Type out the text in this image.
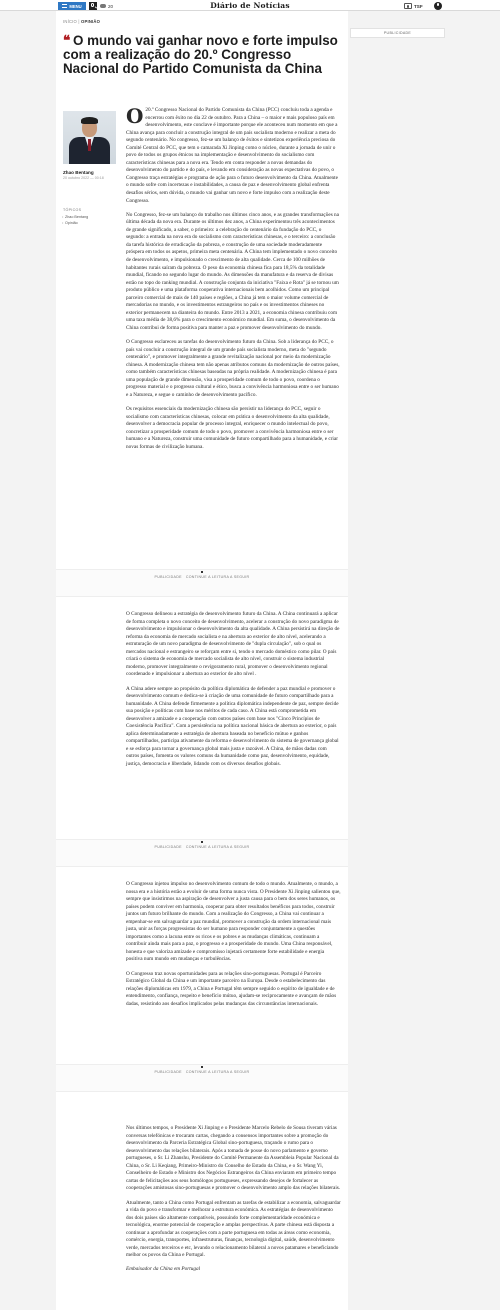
MENU	20	Diário de Notícias	TSF
INÍCIO | OPINIÃO
❝ O mundo vai ganhar novo e forte impulso com a realização do 20.º Congresso Nacional do Partido Comunista da China
Zhao Bentang
20 outubro 2022 — 00:18
TÓPICOS
• Zhao Bentang
• Opinião

O 20.º Congresso Nacional do Partido Comunista da China (PCC) concluiu toda a agenda e encerrou com êxito no dia 22 de outubro. Para a China – o maior e mais populoso país em desenvolvimento, este conclave é importante porque ele aconteceu num momento em que a China avança para concluir a construção integral de um país socialista moderno e realizar a meta do segundo centenário. No congresso, fez-se um balanço de êxitos e sintetizou experiência preciosa do Comité Central do PCC, que tem o camarada Xi Jinping como o núcleo, durante a jornada de unir o povo de todos os grupos étnicos na implementação e desenvolvimento do socialismo com características chinesas para a nova era. Tendo em conta responder a novas demandas do desenvolvimento do partido e do país, e levando em consideração as novas expectativas do povo, o Congresso traça estratégias e programa de ação para o futuro desenvolvimento da China. Atualmente o mundo sofre com incertezas e instabilidades, a causa de paz e desenvolvimento global enfrenta desafios sérios, sem dúvida, o mundo vai ganhar um novo e forte impulso com a realização deste Congresso.

No Congresso, fez-se um balanço do trabalho nos últimos cinco anos, e as grandes transformações na última década da nova era. Durante os últimos dez anos, a China experimentou três acontecimentos de grande significado, a saber, o primeiro: a celebração do centenário da fundação do PCC, o segundo: a entrada na nova era do socialismo com características chinesas, e o terceiro: a conclusão da tarefa histórica de erradicação da pobreza, e construção de uma sociedade moderadamente próspera em todos os aspetos, primeira meta centenária. A China tem implementado o novo conceito de desenvolvimento, e impulsionado o crescimento de alta qualidade. Cerca de 100 milhões de habitantes rurais saíram da pobreza. O peso da economia chinesa fica para 18,5% da totalidade mundial, ficando no segundo lugar do mundo. As dimensões da manufatura e da reserva de divisas estão no topo do ranking mundial. A construção conjunta da iniciativa "Faixa e Rota" já se tornou um produto público e uma plataforma cooperativa internacionais bem acolhidos. Como um principal parceiro comercial de mais de 140 países e regiões, a China já tem o maior volume comercial de mercadorias no mundo, e os investimentos estrangeiros no país e os investimentos chineses no exterior permanecem na dianteira do mundo. Entre 2013 a 2021, a economia chinesa contribuiu com uma taxa média de 38,6% para o crescimento económico mundial. Em suma, o desenvolvimento da China contribui de forma positiva para manter a paz e promover desenvolvimento do mundo.

O Congresso esclareceu as tarefas do desenvolvimento futuro da China. Sob a liderança do PCC, o país vai concluir a construção integral de um grande país socialista moderno, meta do "segundo centenário", e promover integralmente a grande revitalização nacional por meio da modernização chinesa. A modernização chinesa tem não apenas atributos comuns da modernização de outros países, como também características chinesas baseadas na própria realidade. A modernização chinesa é para uma população de grande dimensão, visa a prosperidade comum de todo o povo, coordena o progresso material e o progresso cultural e ético, busca a convivência harmoniosa entre o ser humano e a Natureza, e segue o caminho de desenvolvimento pacífico.

Os requisitos essenciais da modernização chinesa são persistir na liderança do PCC, seguir o socialismo com características chinesas, colocar em prática o desenvolvimento da alta qualidade, desenvolver a democracia popular de processo integral, enriquecer o mundo intelectual do povo, concretizar a prosperidade comum de todo o povo, promover a convivência harmoniosa entre o ser humano e a Natureza, construir uma comunidade de futuro compartilhado para a humanidade, e criar novas formas de civilização humana.

PUBLICIDADE CONTINUE A LEITURA A SEGUIR

O Congresso delineou a estratégia de desenvolvimento futuro da China. A China continuará a aplicar de forma completa o novo conceito de desenvolvimento, acelerar a construção do novo paradigma de desenvolvimento e impulsionar o desenvolvimento da alta qualidade. A China persistirá na direção de reforma da economia de mercado socialista e na abertura ao exterior de alto nível, acelerando a estruturação de um novo paradigma de desenvolvimento de "dupla circulação", sob o qual os mercados nacional e estrangeiro se reforçam entre si, tendo o mercado doméstico como pilar. O país criará o sistema de economia de mercado socialista de alto nível, construir o sistema industrial moderno, promover integralmente o revigoramento rural, promover o desenvolvimento regional coordenado e impulsionar a abertura ao exterior de alto nível .

A China adere sempre ao propósito da política diplomática de defender a paz mundial e promover o desenvolvimento comum e dedica-se à criação de uma comunidade de futuro compartilhado para a humanidade. A China defende firmemente a política diplomática independente de paz, sempre decide sua posição e políticas com base nos méritos de cada caso. A China está comprometida em desenvolver a amizade e a cooperação com outros países com base nos "Cinco Princípios de Coexistência Pacífica". Com a persistência na política nacional básica de abertura ao exterior, o país aplica determinadamente a estratégia de abertura baseada no benefício mútuo e ganhos compartilhados, participa ativamente da reforma e desenvolvimento do sistema de governança global e se esforça para tornar a governança global mais justa e razoável. A China, de mãos dadas com outros países, fomenta os valores comuns da humanidade como paz, desenvolvimento, equidade, justiça, democracia e liberdade, lidando com os diversos desafios globais.

PUBLICIDADE CONTINUE A LEITURA A SEGUIR

O Congresso injetou impulso no desenvolvimento comum de todo o mundo. Atualmente, o mundo, a nossa era e a história estão a evoluir de uma forma nunca vista. O Presidente Xi Jinping salientou que, sempre que insistirmos na aspiração de desenvolver a justa causa para o bem dos seres humanos, os países podem conviver em harmonia, cooperar para obter resultados benéficos para todos, construir juntos um futuro brilhante do mundo. Com a realização do Congresso, a China vai continuar a empenhar-se em salvaguardar a paz mundial, promover a construção da ordem internacional mais justa, unir as forças progressistas do ser humano para responder conjuntamente a questões importantes como a lacuna entre os ricos e os pobres e as mudanças climáticas, continuam a contribuir ainda mais para a paz, o progresso e a prosperidade do mundo. Uma China responsável, honesta e que valoriza amizade e compromisso injetará certamente forte estabilidade e energia positiva num mundo em mudanças e turbulências.

O Congresso traz novas oportunidades para as relações sino-portuguesas. Portugal é Parceiro Estratégico Global da China e um importante parceiro na Europa. Desde o estabelecimento das relações diplomáticas em 1979, a China e Portugal têm sempre seguido o espírito de igualdade e de entendimento, confiança, respeito e benefício mútuo, ajudam-se reciprocamente e avançam de mãos dadas, resistindo aos desafios implicados pelas mudanças das circunstâncias internacionais.

PUBLICIDADE CONTINUE A LEITURA A SEGUIR

Nos últimos tempos, o Presidente Xi Jinping e o Presidente Marcelo Rebelo de Sousa tiveram várias conversas telefónicas e trocaram cartas, chegando a consensos importantes sobre a promoção do desenvolvimento da Parceria Estratégica Global sino-portuguesa, traçando o rumo para o desenvolvimento das relações bilaterais. Após a tomada de posse do novo parlamento e governo portugueses, o Sr. Li Zhanshu, Presidente do Comité Permanente da Assembleia Popular Nacional da China, o Sr. Li Keqiang, Primeiro-Ministro do Conselho de Estado da China, e o Sr. Wang Yi, Conselheiro de Estado e Ministro dos Negócios Estrangeiros da China enviaram em primeiro tempo cartas de felicitações aos seus homólogos portugueses, expressando desejos de fortalecer as cooperações amistosas sino-portuguesas e promover o desenvolvimento amplo das relações bilaterais.

Atualmente, tanto a China como Portugal enfrentam as tarefas de estabilizar a economia, salvaguardar a vida do povo e transformar e melhorar a estrutura económica. As estratégias de desenvolvimento dos dois países são altamente compatíveis, possuindo forte complementaridade económica e tecnológica, enorme potencial de cooperação e amplas perspectivas. A parte chinesa está disposta a continuar a aprofundar as cooperações com a parte portuguesa em todas as áreas como economia, comércio, energia, transportes, infraestruturas, finanças, tecnologia digital, saúde, desenvolvimento verde, mercados terceiros e etc, levando o relacionamento bilateral a novos patamares e beneficiando melhor os povos da China e Portugal.

Embaixador da China em Portugal

PUBLICIDADE
